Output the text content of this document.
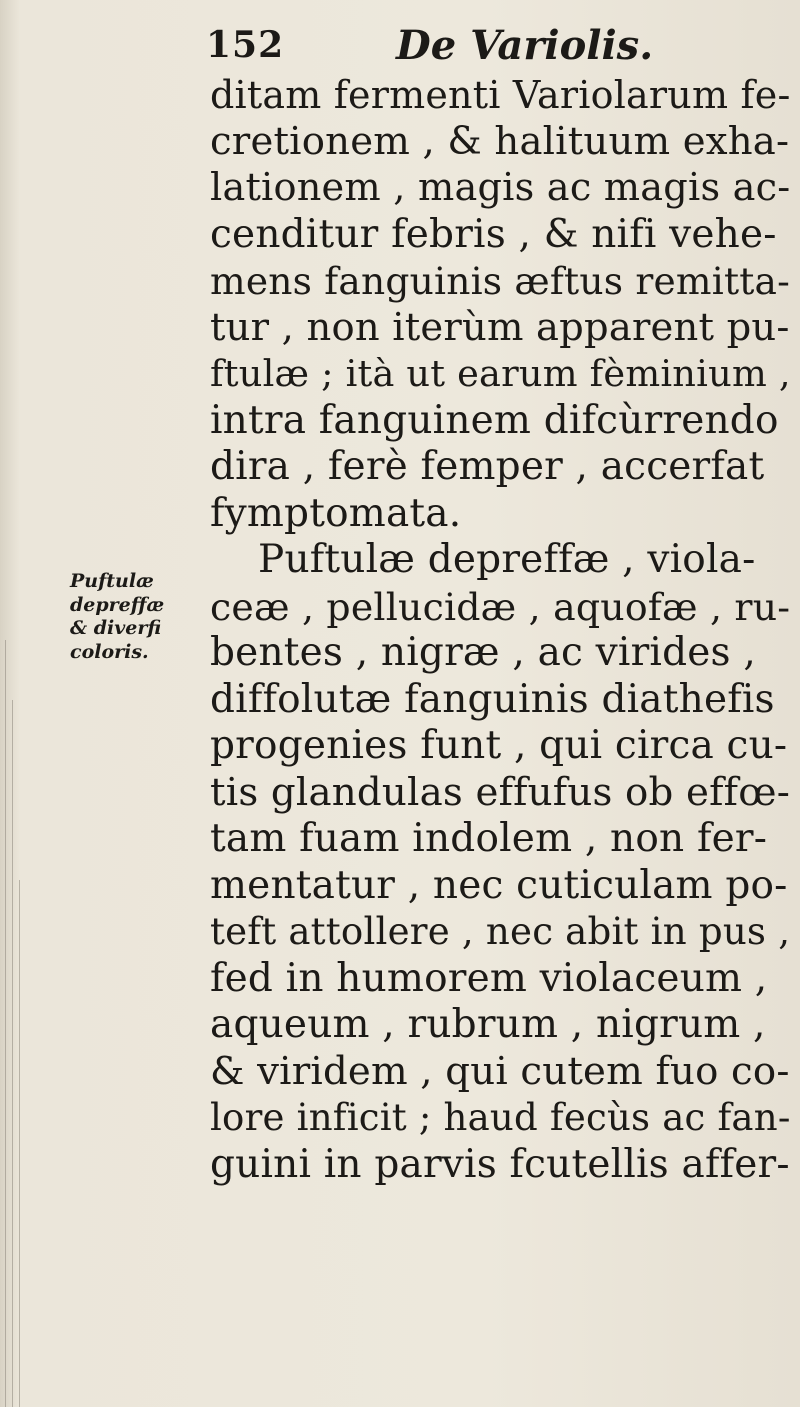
152	De Variolis.
Puftulæ
depreffæ
& diverfi
coloris.
ditam fermenti Variolarum fe-
cretionem , & halituum exha-
lationem , magis ac magis ac-
cenditur febris , & nifi vehe-
mens fanguinis æftus remitta-
tur , non iterùm apparent pu-
ftulæ ; ità ut earum fèminium ,
intra fanguinem difcùrrendo
dira , ferè femper , accerfat
fymptomata.
Puftulæ depreffæ , viola-
ceæ , pellucidæ , aquofæ , ru-
bentes , nigræ , ac virides ,
diffolutæ fanguinis diathefis
progenies funt , qui circa cu-
tis glandulas effufus ob effœ-
tam fuam indolem , non fer-
mentatur , nec cuticulam po-
teft attollere , nec abit in pus ,
fed in humorem violaceum ,
aqueum , rubrum , nigrum ,
& viridem , qui cutem fuo co-
lore inficit ; haud fecùs ac fan-
guini in parvis fcutellis affer-
